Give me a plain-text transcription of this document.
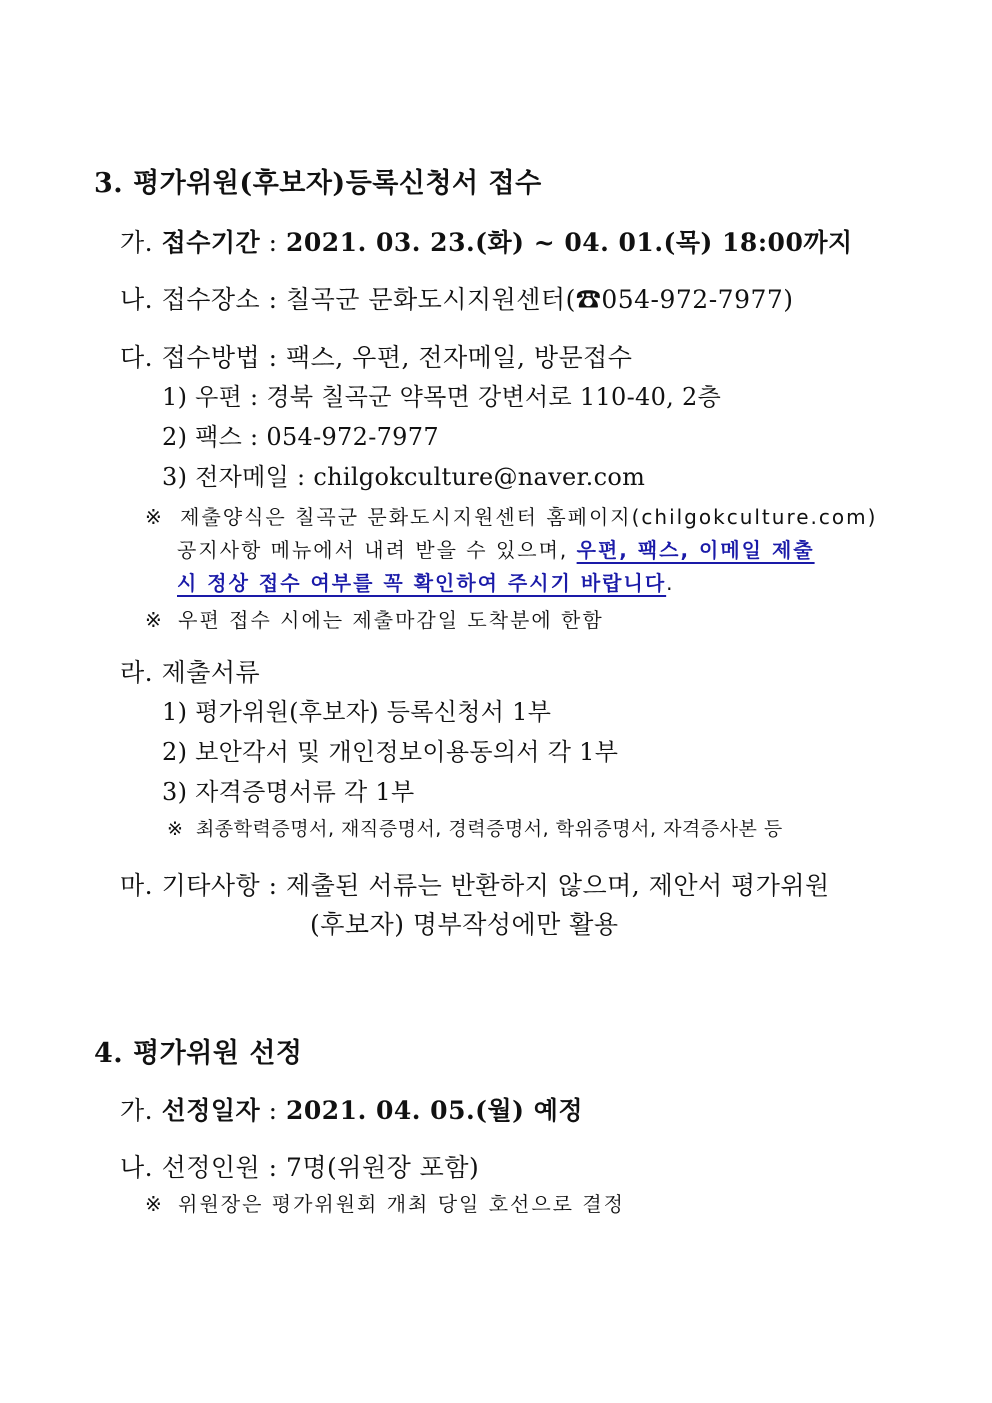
3. 평가위원(후보자)등록신청서 접수
가. 접수기간 : 2021. 03. 23.(화) ~ 04. 01.(목) 18:00까지
나. 접수장소 : 칠곡군 문화도시지원센터(☎054-972-7977)
다. 접수방법 : 팩스, 우편, 전자메일, 방문접수
1) 우편 : 경북 칠곡군 약목면 강변서로 110-40, 2층
2) 팩스 : 054-972-7977
3) 전자메일 : chilgokculture@naver.com
※ 제출양식은 칠곡군 문화도시지원센터 홈페이지(chilgokculture.com)
공지사항 메뉴에서 내려 받을 수 있으며, 우편, 팩스, 이메일 제출
시 정상 접수 여부를 꼭 확인하여 주시기 바랍니다.
※ 우편 접수 시에는 제출마감일 도착분에 한함
라. 제출서류
1) 평가위원(후보자) 등록신청서 1부
2) 보안각서 및 개인정보이용동의서 각 1부
3) 자격증명서류 각 1부
※ 최종학력증명서, 재직증명서, 경력증명서, 학위증명서, 자격증사본 등
마. 기타사항 : 제출된 서류는 반환하지 않으며, 제안서 평가위원
(후보자) 명부작성에만 활용
4. 평가위원 선정
가. 선정일자 : 2021. 04. 05.(월) 예정
나. 선정인원 : 7명(위원장 포함)
※ 위원장은 평가위원회 개최 당일 호선으로 결정
